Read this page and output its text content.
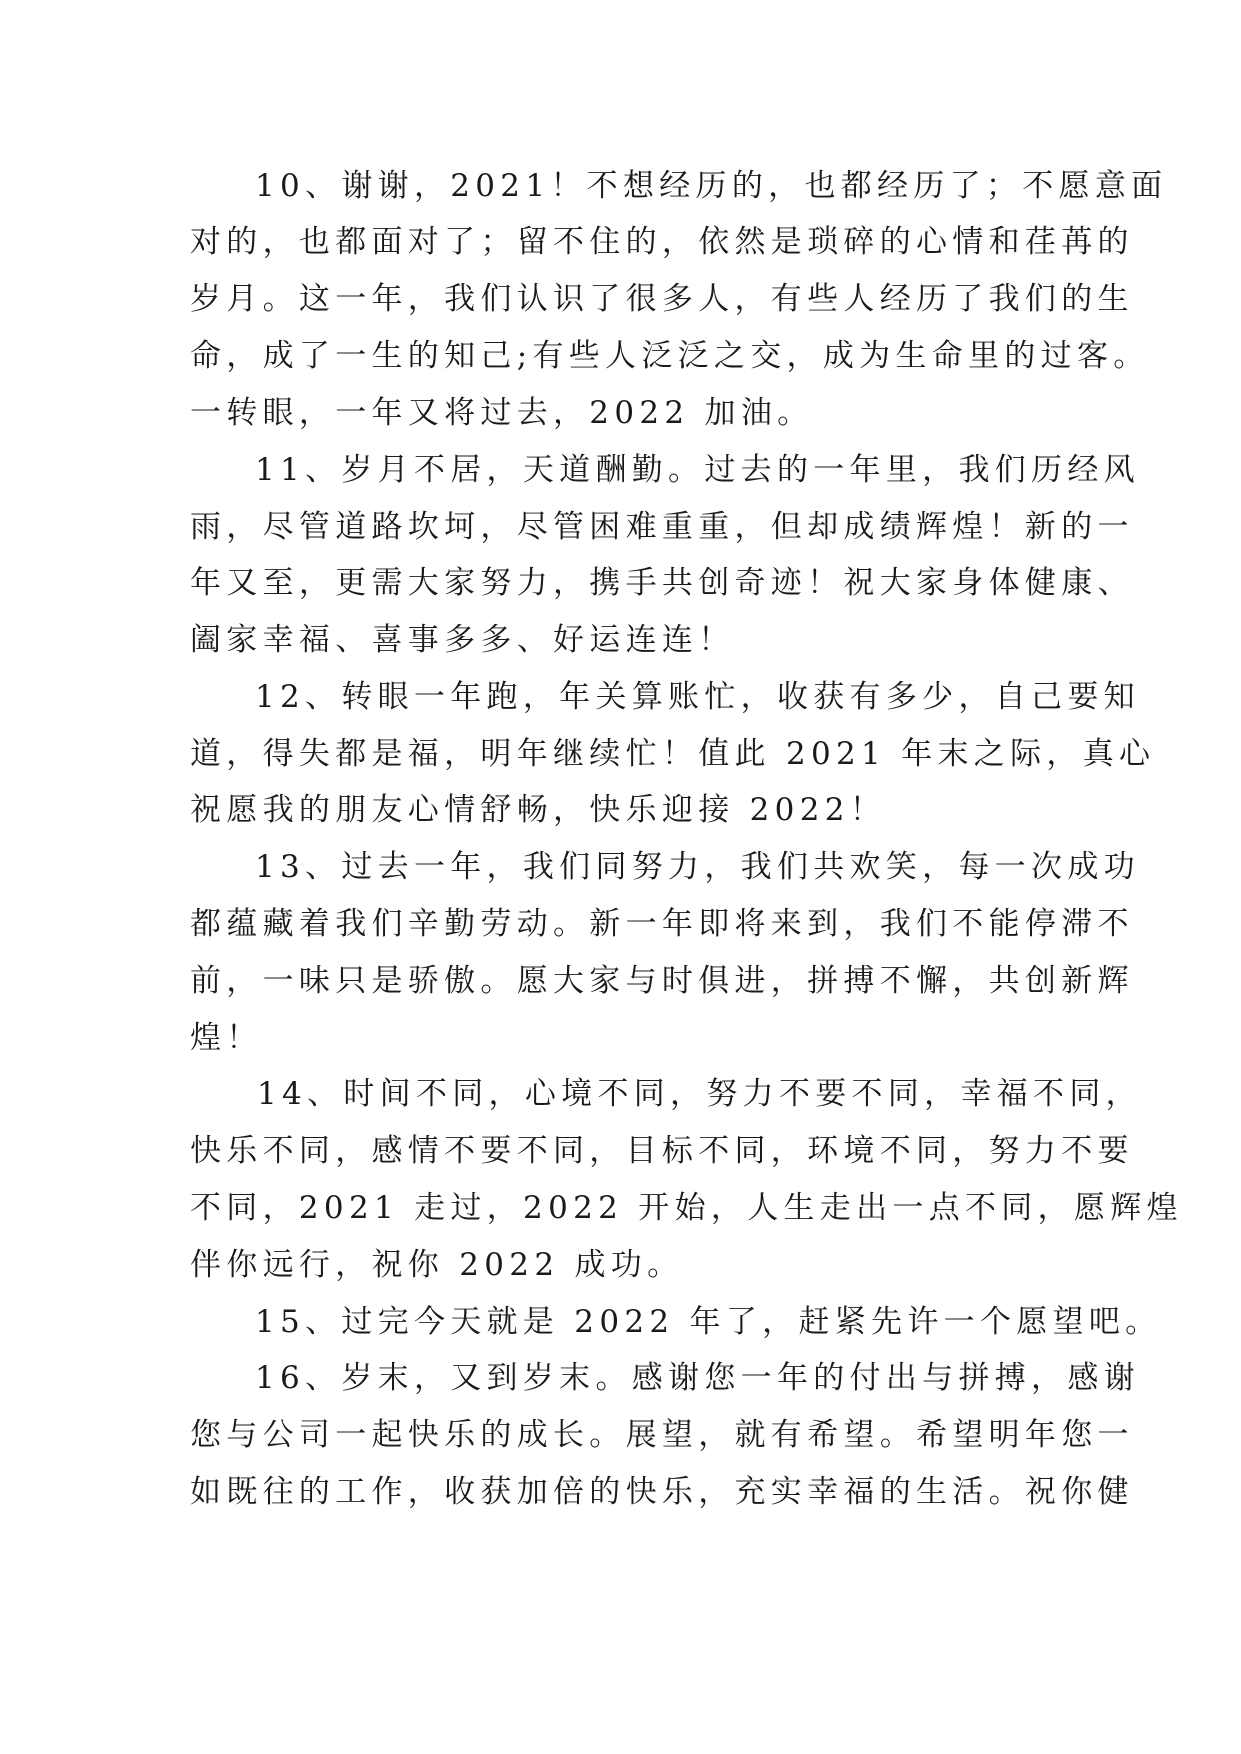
10、谢谢，2021！不想经历的，也都经历了；不愿意面
对的，也都面对了；留不住的，依然是琐碎的心情和荏苒的
岁月。这一年，我们认识了很多人，有些人经历了我们的生
命，成了一生的知己;有些人泛泛之交，成为生命里的过客。
一转眼，一年又将过去，2022 加油。
11、岁月不居，天道酬勤。过去的一年里，我们历经风
雨，尽管道路坎坷，尽管困难重重，但却成绩辉煌！新的一
年又至，更需大家努力，携手共创奇迹！祝大家身体健康、
阖家幸福、喜事多多、好运连连！
12、转眼一年跑，年关算账忙，收获有多少，自己要知
道，得失都是福，明年继续忙！值此 2021 年末之际，真心
祝愿我的朋友心情舒畅，快乐迎接 2022！
13、过去一年，我们同努力，我们共欢笑，每一次成功
都蕴藏着我们辛勤劳动。新一年即将来到，我们不能停滞不
前，一味只是骄傲。愿大家与时俱进，拼搏不懈，共创新辉
煌！
14、时间不同，心境不同，努力不要不同，幸福不同，
快乐不同，感情不要不同，目标不同，环境不同，努力不要
不同，2021 走过，2022 开始，人生走出一点不同，愿辉煌
伴你远行，祝你 2022 成功。
15、过完今天就是 2022 年了，赶紧先许一个愿望吧。
16、岁末，又到岁末。感谢您一年的付出与拼搏，感谢
您与公司一起快乐的成长。展望，就有希望。希望明年您一
如既往的工作，收获加倍的快乐，充实幸福的生活。祝你健
